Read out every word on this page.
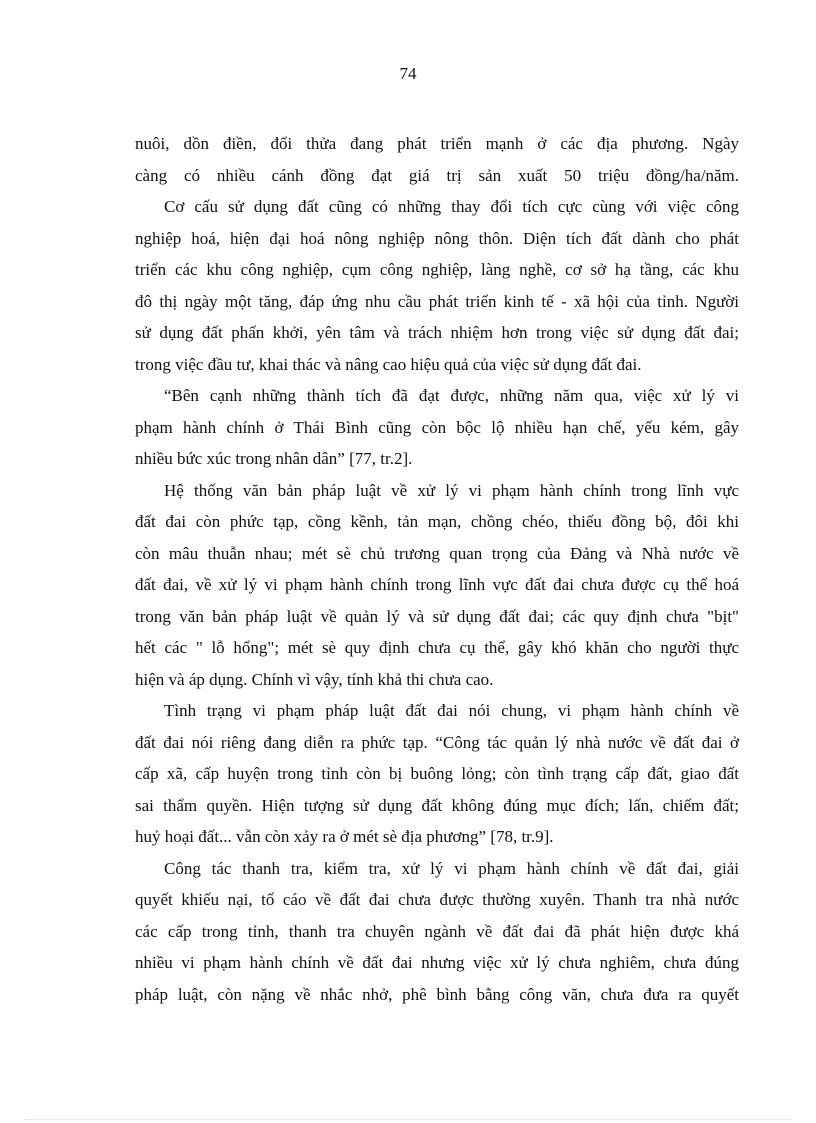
74
nuôi, dồn điền, đổi thửa đang phát triển mạnh ở các địa phương. Ngày
càng có nhiều cánh đồng đạt giá trị sản xuất 50 triệu đồng/ha/năm.
Cơ cấu sử dụng đất cũng có những thay đổi tích cực cùng với việc công
nghiệp hoá, hiện đại hoá nông nghiệp nông thôn. Diện tích đất dành cho phát
triển các khu công nghiệp, cụm công nghiệp, làng nghề, cơ sở hạ tầng, các khu
đô thị ngày một tăng, đáp ứng nhu cầu phát triển kinh tế - xã hội của tỉnh. Người
sử dụng đất phấn khởi, yên tâm và trách nhiệm hơn trong việc sử dụng đất đai;
trong việc đầu tư, khai thác và nâng cao hiệu quả của việc sử dụng đất đai.
“Bên cạnh những thành tích đã đạt được, những năm qua, việc xử lý vi
phạm hành chính ở Thái Bình cũng còn bộc lộ nhiều hạn chế, yếu kém, gây
nhiều bức xúc trong nhân dân” [77, tr.2].
Hệ thống văn bản pháp luật về xử lý vi phạm hành chính trong lĩnh vực
đất đai còn phức tạp, cồng kềnh, tản mạn, chồng chéo, thiếu đồng bộ, đôi khi
còn mâu thuẫn nhau; mét sè chủ trương quan trọng của Đảng và Nhà nước về
đất đai, về xử lý vi phạm hành chính trong lĩnh vực đất đai chưa được cụ thể hoá
trong văn bản pháp luật về quản lý và sử dụng đất đai; các quy định chưa "bịt"
hết các " lỗ hổng"; mét sè quy định chưa cụ thể, gây khó khăn cho người thực
hiện và áp dụng. Chính vì vậy, tính khả thi chưa cao.
Tình trạng vi phạm pháp luật đất đai nói chung, vi phạm hành chính về
đất đai nói riêng đang diễn ra phức tạp. “Công tác quản lý nhà nước về đất đai ở
cấp xã, cấp huyện trong tỉnh còn bị buông lỏng; còn tình trạng cấp đất, giao đất
sai thẩm quyền. Hiện tượng sử dụng đất không đúng mục đích; lấn, chiếm đất;
huỷ hoại đất... vẫn còn xảy ra ở mét sè địa phương” [78, tr.9].
Công tác thanh tra, kiểm tra, xử lý vi phạm hành chính về đất đai, giải
quyết khiếu nại, tố cáo về đất đai chưa được thường xuyên. Thanh tra nhà nước
các cấp trong tỉnh, thanh tra chuyên ngành về đất đai đã phát hiện được khá
nhiều vi phạm hành chính về đất đai nhưng việc xử lý chưa nghiêm, chưa đúng
pháp luật, còn nặng về nhắc nhở, phê bình bằng công văn, chưa đưa ra quyết
